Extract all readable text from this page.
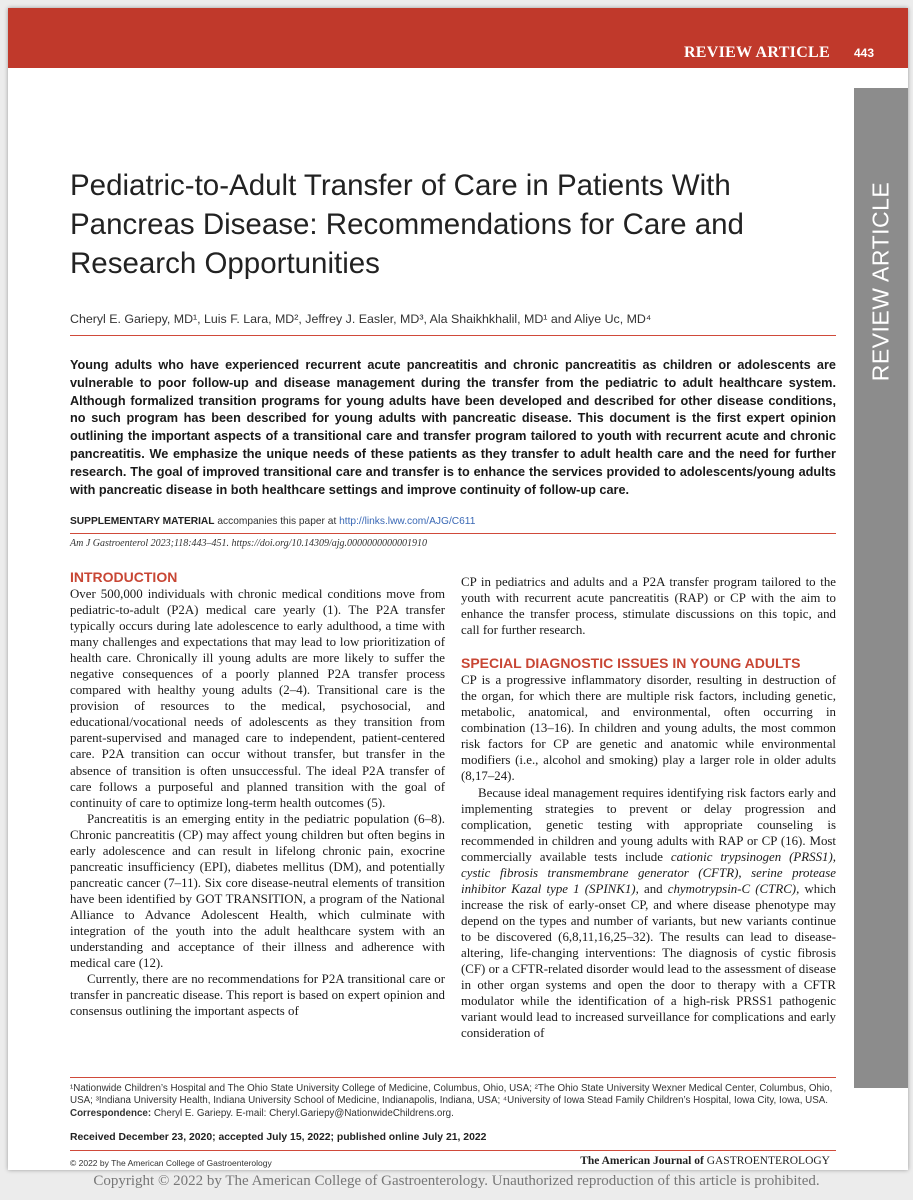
REVIEW ARTICLE 443
REVIEW ARTICLE
Pediatric-to-Adult Transfer of Care in Patients With Pancreas Disease: Recommendations for Care and Research Opportunities
Cheryl E. Gariepy, MD¹, Luis F. Lara, MD², Jeffrey J. Easler, MD³, Ala Shaikhkhalil, MD¹ and Aliye Uc, MD⁴

Young adults who have experienced recurrent acute pancreatitis and chronic pancreatitis as children or adolescents are vulnerable to poor follow-up and disease management during the transfer from the pediatric to adult healthcare system. Although formalized transition programs for young adults have been developed and described for other disease conditions, no such program has been described for young adults with pancreatic disease. This document is the first expert opinion outlining the important aspects of a transitional care and transfer program tailored to youth with recurrent acute and chronic pancreatitis. We emphasize the unique needs of these patients as they transfer to adult health care and the need for further research. The goal of improved transitional care and transfer is to enhance the services provided to adolescents/young adults with pancreatic disease in both healthcare settings and improve continuity of follow-up care.

SUPPLEMENTARY MATERIAL accompanies this paper at http://links.lww.com/AJG/C611
Am J Gastroenterol 2023;118:443–451. https://doi.org/10.14309/ajg.0000000000001910
INTRODUCTION

Over 500,000 individuals with chronic medical conditions move from pediatric-to-adult (P2A) medical care yearly (1). The P2A transfer typically occurs during late adolescence to early adulthood, a time with many challenges and expectations that may lead to low prioritization of health care. Chronically ill young adults are more likely to suffer the negative consequences of a poorly planned P2A transfer process compared with healthy young adults (2–4). Transitional care is the provision of resources to the medical, psychosocial, and educational/vocational needs of adolescents as they transition from parent-supervised and managed care to independent, patient-centered care. P2A transition can occur without transfer, but transfer in the absence of transition is often unsuccessful. The ideal P2A transfer of care follows a purposeful and planned transition with the goal of continuity of care to optimize long-term health outcomes (5).

Pancreatitis is an emerging entity in the pediatric population (6–8). Chronic pancreatitis (CP) may affect young children but often begins in early adolescence and can result in lifelong chronic pain, exocrine pancreatic insufficiency (EPI), diabetes mellitus (DM), and potentially pancreatic cancer (7–11). Six core disease-neutral elements of transition have been identified by GOT TRANSITION, a program of the National Alliance to Advance Adolescent Health, which culminate with integration of the youth into the adult healthcare system with an understanding and acceptance of their illness and adherence with medical care (12).

Currently, there are no recommendations for P2A transitional care or transfer in pancreatic disease. This report is based on expert opinion and consensus outlining the important aspects of

CP in pediatrics and adults and a P2A transfer program tailored to the youth with recurrent acute pancreatitis (RAP) or CP with the aim to enhance the transfer process, stimulate discussions on this topic, and call for further research.

SPECIAL DIAGNOSTIC ISSUES IN YOUNG ADULTS

CP is a progressive inflammatory disorder, resulting in destruction of the organ, for which there are multiple risk factors, including genetic, metabolic, anatomical, and environmental, often occurring in combination (13–16). In children and young adults, the most common risk factors for CP are genetic and anatomic while environmental modifiers (i.e., alcohol and smoking) play a larger role in older adults (8,17–24).

Because ideal management requires identifying risk factors early and implementing strategies to prevent or delay progression and complication, genetic testing with appropriate counseling is recommended in children and young adults with RAP or CP (16). Most commercially available tests include cationic trypsinogen (PRSS1), cystic fibrosis transmembrane generator (CFTR), serine protease inhibitor Kazal type 1 (SPINK1), and chymotrypsin-C (CTRC), which increase the risk of early-onset CP, and where disease phenotype may depend on the types and number of variants, but new variants continue to be discovered (6,8,11,16,25–32). The results can lead to disease-altering, life-changing interventions: The diagnosis of cystic fibrosis (CF) or a CFTR-related disorder would lead to the assessment of disease in other organ systems and open the door to therapy with a CFTR modulator while the identification of a high-risk PRSS1 pathogenic variant would lead to increased surveillance for complications and early consideration of

¹Nationwide Children’s Hospital and The Ohio State University College of Medicine, Columbus, Ohio, USA; ²The Ohio State University Wexner Medical Center, Columbus, Ohio, USA; ³Indiana University Health, Indiana University School of Medicine, Indianapolis, Indiana, USA; ⁴University of Iowa Stead Family Children’s Hospital, Iowa City, Iowa, USA. Correspondence: Cheryl E. Gariepy. E-mail: Cheryl.Gariepy@NationwideChildrens.org.

Received December 23, 2020; accepted July 15, 2022; published online July 21, 2022
© 2022 by The American College of Gastroenterology	The American Journal of GASTROENTEROLOGY
Copyright © 2022 by The American College of Gastroenterology. Unauthorized reproduction of this article is prohibited.
